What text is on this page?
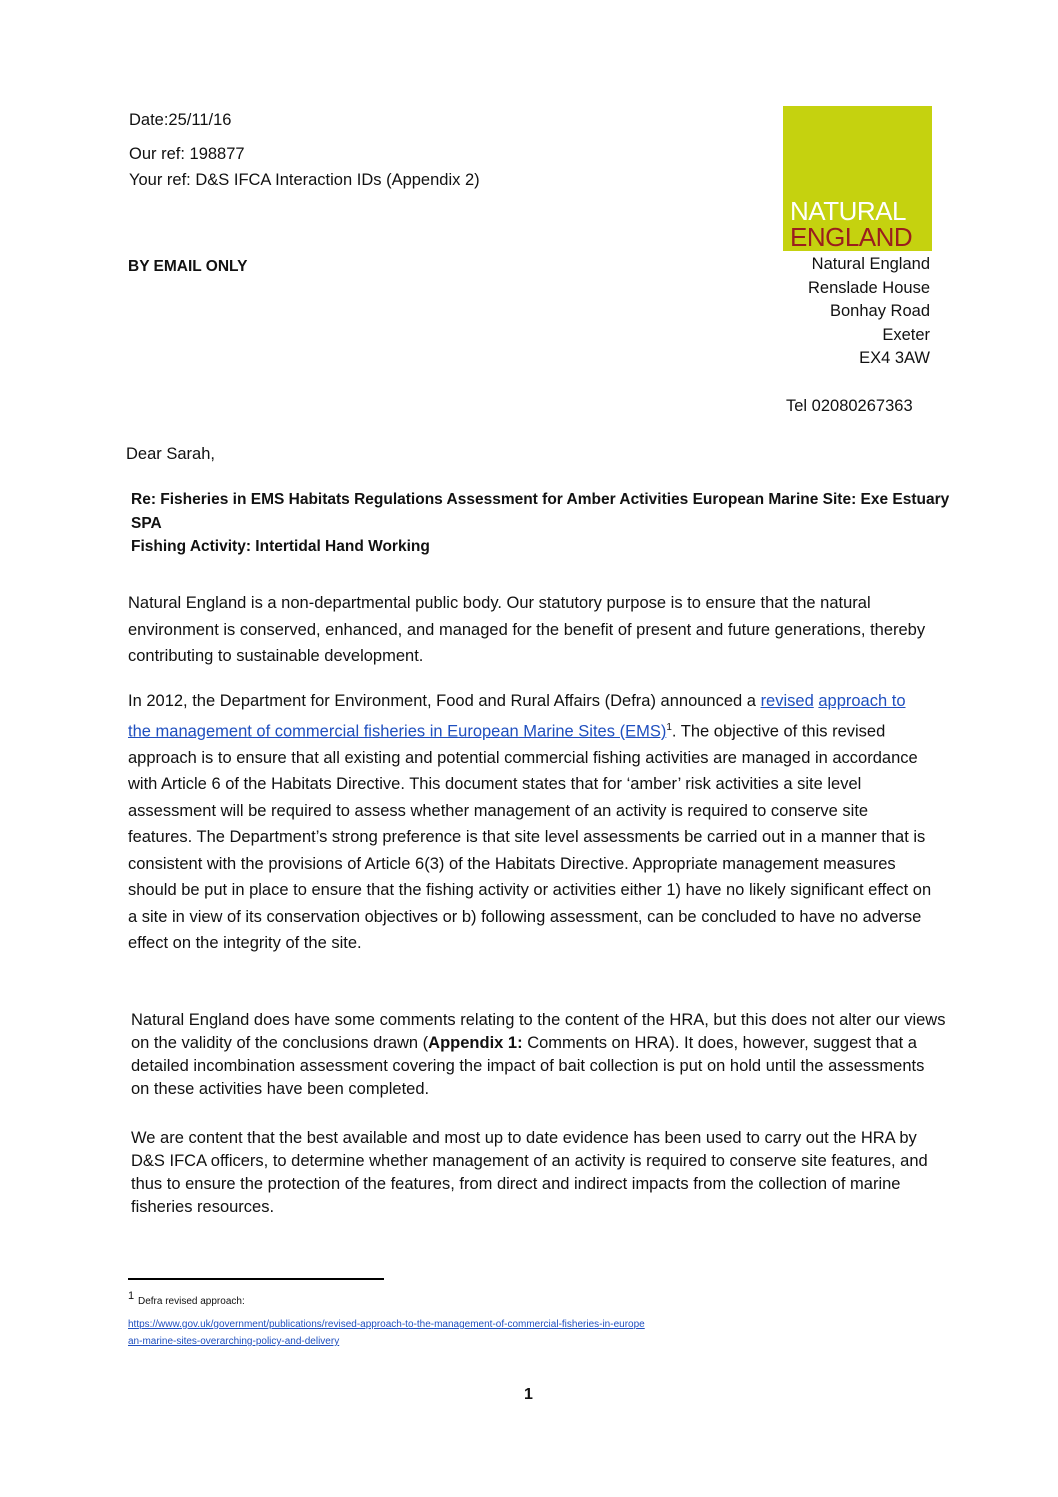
Date:25/11/16
Our ref: 198877
Your ref: D&S IFCA Interaction IDs (Appendix 2)
BY EMAIL ONLY
NATURAL
ENGLAND
Natural England
Renslade House
Bonhay Road
Exeter
EX4 3AW
Tel 02080267363
Dear Sarah,
Re: Fisheries in EMS Habitats Regulations Assessment for Amber Activities European Marine Site: Exe Estuary SPA
Fishing Activity: Intertidal Hand Working
Natural England is a non-departmental public body. Our statutory purpose is to ensure that the natural environment is conserved, enhanced, and managed for the benefit of present and future generations, thereby contributing to sustainable development.
In 2012, the Department for Environment, Food and Rural Affairs (Defra) announced a revised approach to the management of commercial fisheries in European Marine Sites (EMS)$^1$. The objective of this revised approach is to ensure that all existing and potential commercial fishing activities are managed in accordance with Article 6 of the Habitats Directive. This document states that for ‘amber’ risk activities a site level assessment will be required to assess whether management of an activity is required to conserve site features. The Department’s strong preference is that site level assessments be carried out in a manner that is consistent with the provisions of Article 6(3) of the Habitats Directive. Appropriate management measures should be put in place to ensure that the fishing activity or activities either 1) have no likely significant effect on a site in view of its conservation objectives or b) following assessment, can be concluded to have no adverse effect on the integrity of the site.
Natural England does have some comments relating to the content of the HRA, but this does not alter our views on the validity of the conclusions drawn (Appendix 1: Comments on HRA). It does, however, suggest that a detailed incombination assessment covering the impact of bait collection is put on hold until the assessments on these activities have been completed.
We are content that the best available and most up to date evidence has been used to carry out the HRA by D&S IFCA officers, to determine whether management of an activity is required to conserve site features, and thus to ensure the protection of the features, from direct and indirect impacts from the collection of marine fisheries resources.
1 Defra revised approach:
https://www.gov.uk/government/publications/revised-approach-to-the-management-of-commercial-fisheries-in-european-marine-sites-overarching-policy-and-delivery
1
